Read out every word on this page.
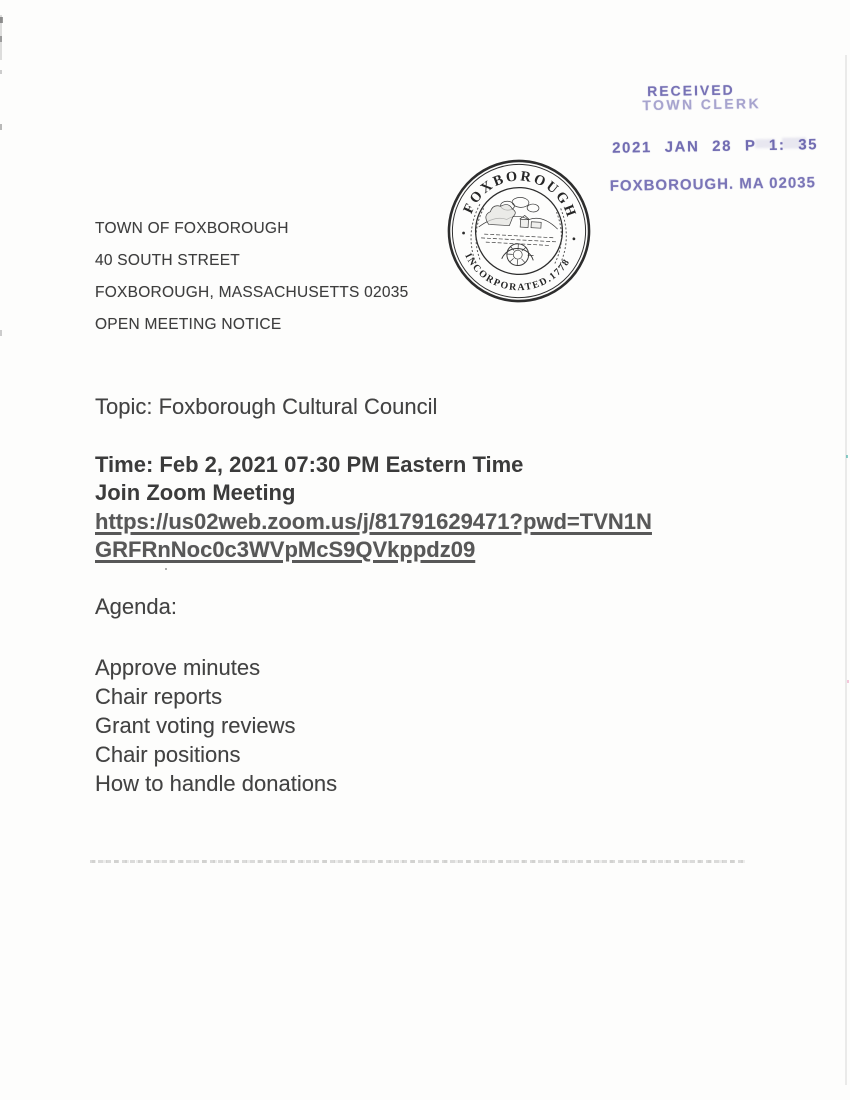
RECEIVED
TOWN CLERK
2021 JAN 28 P 1: 35
FOXBOROUGH. MA 02035
FOXBOROUGH
INCORPORATED.1778
TOWN OF FOXBOROUGH
40 SOUTH STREET
FOXBOROUGH, MASSACHUSETTS 02035
OPEN MEETING NOTICE
Topic: Foxborough Cultural Council
Time: Feb 2, 2021 07:30 PM Eastern Time
Join Zoom Meeting
https://us02web.zoom.us/j/81791629471?pwd=TVN1N
GRFRnNoc0c3WVpMcS9QVkppdz09
Agenda:
Approve minutes
Chair reports
Grant voting reviews
Chair positions
How to handle donations
